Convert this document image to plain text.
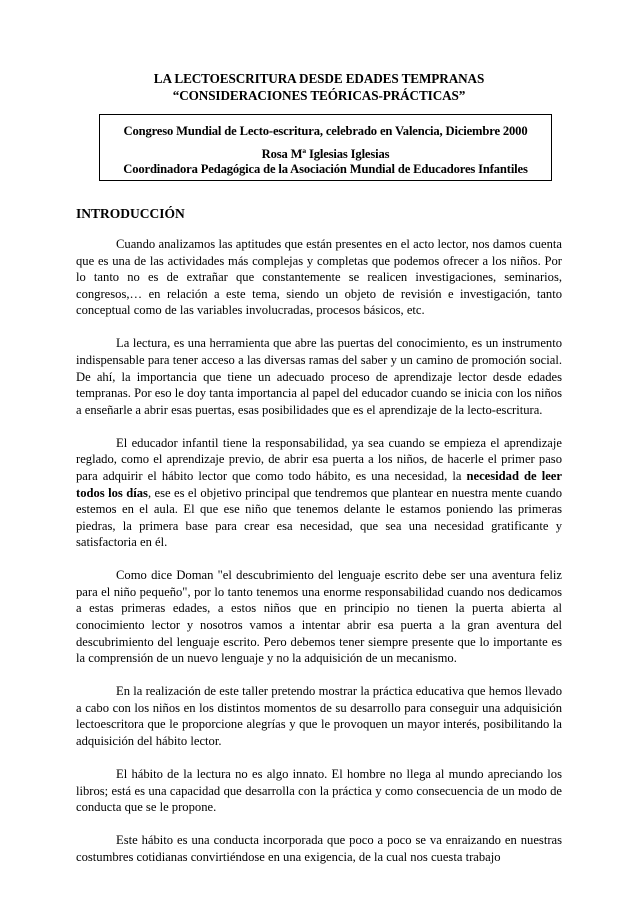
LA LECTOESCRITURA DESDE EDADES TEMPRANAS
“CONSIDERACIONES TEÓRICAS-PRÁCTICAS”
Congreso Mundial de Lecto-escritura, celebrado en Valencia, Diciembre 2000
Rosa Mª Iglesias Iglesias
Coordinadora Pedagógica de la Asociación Mundial de Educadores Infantiles
INTRODUCCIÓN

Cuando analizamos las aptitudes que están presentes en el acto lector, nos damos cuenta que es una de las actividades más complejas y completas que podemos ofrecer a los niños. Por lo tanto no es de extrañar que constantemente se realicen investigaciones, seminarios, congresos,… en relación a este tema, siendo un objeto de revisión e investigación, tanto conceptual como de las variables involucradas, procesos básicos, etc.

La lectura, es una herramienta que abre las puertas del conocimiento, es un instrumento indispensable para tener acceso a las diversas ramas del saber y un camino de promoción social. De ahí, la importancia que tiene un adecuado proceso de aprendizaje lector desde edades tempranas. Por eso le doy tanta importancia al papel del educador cuando se inicia con los niños a enseñarle a abrir esas puertas, esas posibilidades que es el aprendizaje de la lecto-escritura.

El educador infantil tiene la responsabilidad, ya sea cuando se empieza el aprendizaje reglado, como el aprendizaje previo, de abrir esa puerta a los niños, de hacerle el primer paso para adquirir el hábito lector que como todo hábito, es una necesidad, la necesidad de leer todos los días, ese es el objetivo principal que tendremos que plantear en nuestra mente cuando estemos en el aula. El que ese niño que tenemos delante le estamos poniendo las primeras piedras, la primera base para crear esa necesidad, que sea una necesidad gratificante y satisfactoria en él.

Como dice Doman "el descubrimiento del lenguaje escrito debe ser una aventura feliz para el niño pequeño", por lo tanto tenemos una enorme responsabilidad cuando nos dedicamos a estas primeras edades, a estos niños que en principio no tienen la puerta abierta al conocimiento lector y nosotros vamos a intentar abrir esa puerta a la gran aventura del descubrimiento del lenguaje escrito. Pero debemos tener siempre presente que lo importante es la comprensión de un nuevo lenguaje y no la adquisición de un mecanismo.

En la realización de este taller pretendo mostrar la práctica educativa que hemos llevado a cabo con los niños en los distintos momentos de su desarrollo para conseguir una adquisición lectoescritora que le proporcione alegrías y que le provoquen un mayor interés, posibilitando la adquisición del hábito lector.

El hábito de la lectura no es algo innato. El hombre no llega al mundo apreciando los libros; está es una capacidad que desarrolla con la práctica y como consecuencia de un modo de conducta que se le propone.

Este hábito es una conducta incorporada que poco a poco se va enraizando en nuestras costumbres cotidianas convirtiéndose en una exigencia, de la cual nos cuesta trabajo
